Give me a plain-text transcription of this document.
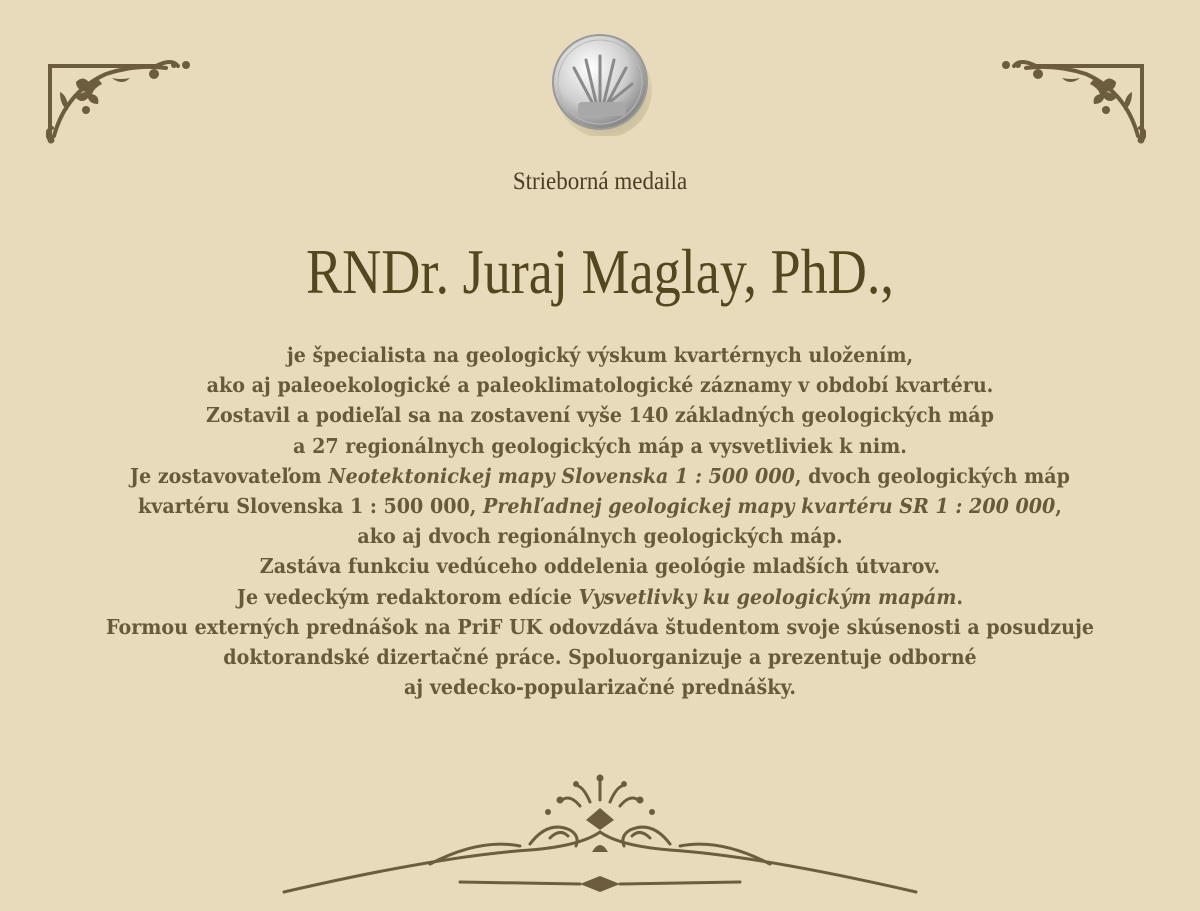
Strieborná medaila
RNDr. Juraj Maglay, PhD.,
je špecialista na geologický výskum kvartérnych uložením,
ako aj paleoekologické a paleoklimatologické záznamy v období kvartéru.
Zostavil a podieľal sa na zostavení vyše 140 základných geologických máp
a 27 regionálnych geologických máp a vysvetliviek k nim.
Je zostavovateľom Neotektonickej mapy Slovenska 1 : 500 000, dvoch geologických máp
kvartéru Slovenska 1 : 500 000, Prehľadnej geologickej mapy kvartéru SR 1 : 200 000,
ako aj dvoch regionálnych geologických máp.
Zastáva funkciu vedúceho oddelenia geológie mladších útvarov.
Je vedeckým redaktorom edície Vysvetlivky ku geologickým mapám.
Formou externých prednášok na PriF UK odovzdáva študentom svoje skúsenosti a posudzuje
doktorandské dizertačné práce. Spoluorganizuje a prezentuje odborné
aj vedecko-popularizačné prednášky.
